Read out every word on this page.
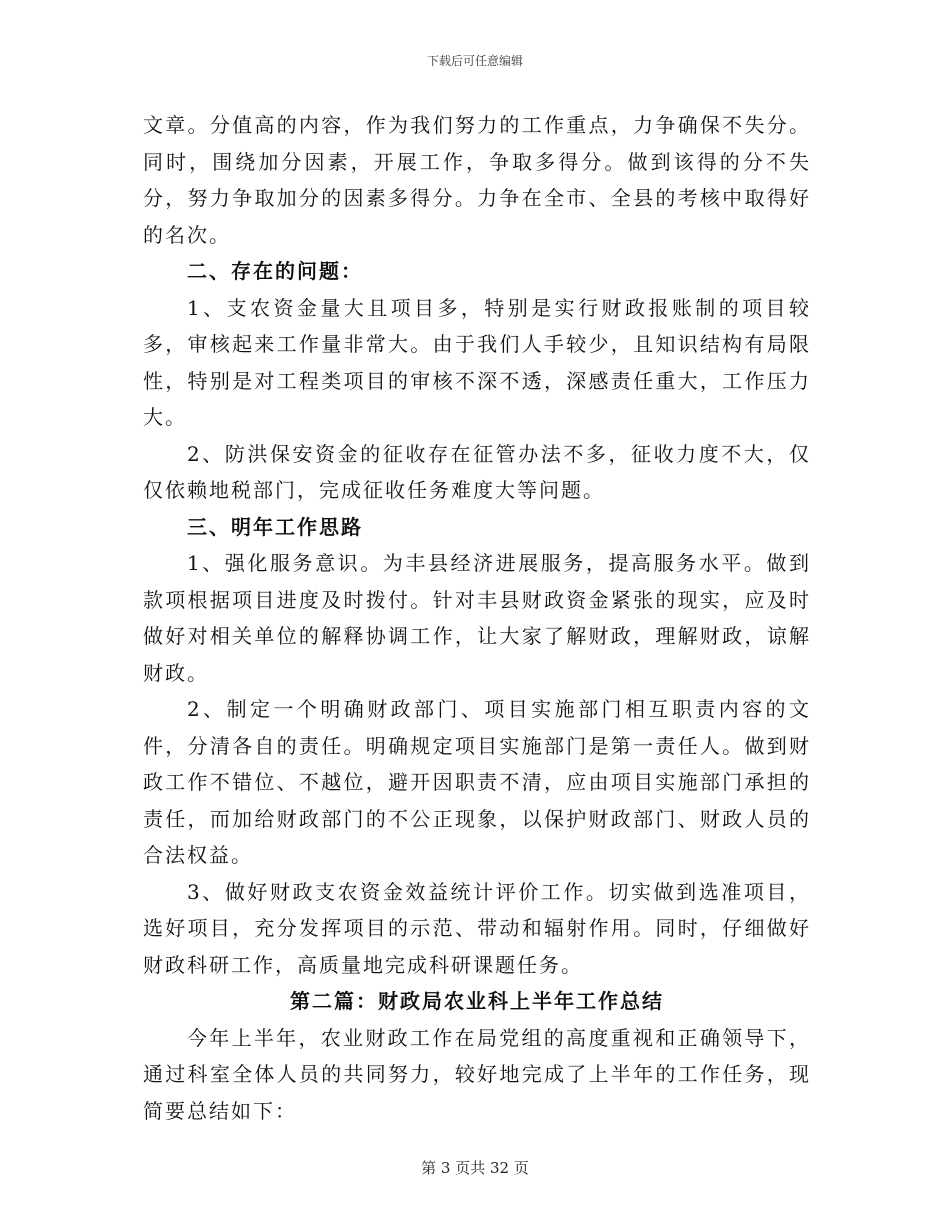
下载后可任意编辑

文章。分值高的内容，作为我们努力的工作重点，力争确保不失分。同时，围绕加分因素，开展工作，争取多得分。做到该得的分不失分，努力争取加分的因素多得分。力争在全市、全县的考核中取得好的名次。

二、存在的问题：

1、支农资金量大且项目多，特别是实行财政报账制的项目较多，审核起来工作量非常大。由于我们人手较少，且知识结构有局限性，特别是对工程类项目的审核不深不透，深感责任重大，工作压力大。

2、防洪保安资金的征收存在征管办法不多，征收力度不大，仅仅依赖地税部门，完成征收任务难度大等问题。

三、明年工作思路

1、强化服务意识。为丰县经济进展服务，提高服务水平。做到款项根据项目进度及时拨付。针对丰县财政资金紧张的现实，应及时做好对相关单位的解释协调工作，让大家了解财政，理解财政，谅解财政。

2、制定一个明确财政部门、项目实施部门相互职责内容的文件，分清各自的责任。明确规定项目实施部门是第一责任人。做到财政工作不错位、不越位，避开因职责不清，应由项目实施部门承担的责任，而加给财政部门的不公正现象，以保护财政部门、财政人员的合法权益。

3、做好财政支农资金效益统计评价工作。切实做到选准项目，选好项目，充分发挥项目的示范、带动和辐射作用。同时，仔细做好财政科研工作，高质量地完成科研课题任务。

第二篇：财政局农业科上半年工作总结

今年上半年，农业财政工作在局党组的高度重视和正确领导下，通过科室全体人员的共同努力，较好地完成了上半年的工作任务，现简要总结如下：

第 3 页共 32 页
